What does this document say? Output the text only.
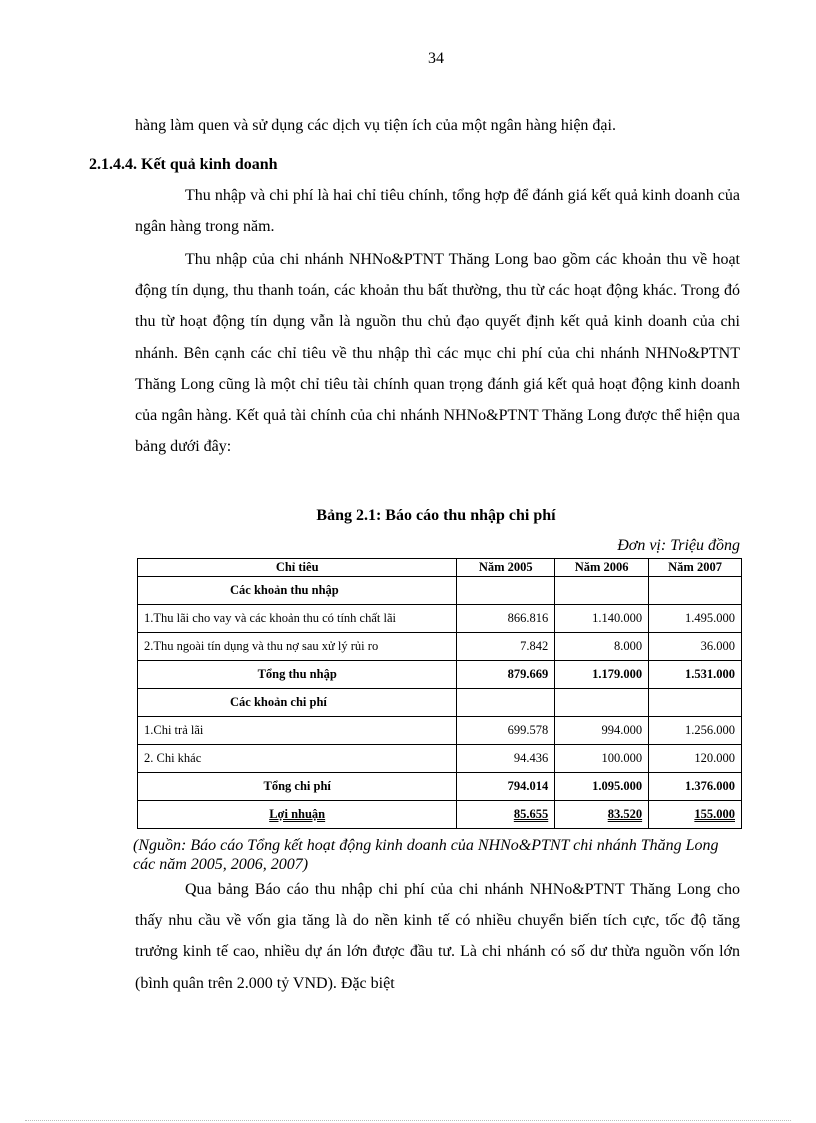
34

hàng làm quen và sử dụng các dịch vụ tiện ích của một ngân hàng hiện đại.

2.1.4.4. Kết quả kinh doanh

Thu nhập và chi phí là hai chỉ tiêu chính, tổng hợp để đánh giá kết quả kinh doanh của ngân hàng trong năm.

Thu nhập của chi nhánh NHNo&PTNT Thăng Long bao gồm các khoản thu về hoạt động tín dụng, thu thanh toán, các khoản thu bất thường, thu từ các hoạt động khác. Trong đó thu từ hoạt động tín dụng vẫn là nguồn thu chủ đạo quyết định kết quả kinh doanh của chi nhánh. Bên cạnh các chỉ tiêu về thu nhập thì các mục chi phí của chi nhánh NHNo&PTNT Thăng Long cũng là một chỉ tiêu tài chính quan trọng đánh giá kết quả hoạt động kinh doanh của ngân hàng. Kết quả tài chính của chi nhánh NHNo&PTNT Thăng Long được thể hiện qua bảng dưới đây:

Bảng 2.1: Báo cáo thu nhập chi phí
Đơn vị: Triệu đồng
Chỉ tiêu	Năm 2005	Năm 2006	Năm 2007
Các khoản thu nhập			
1.Thu lãi cho vay và các khoản thu có tính chất lãi	866.816	1.140.000	1.495.000
2.Thu ngoài tín dụng và thu nợ sau xử lý rủi ro	7.842	8.000	36.000
Tổng thu nhập	879.669	1.179.000	1.531.000
Các khoản chi phí			
1.Chi trả lãi	699.578	994.000	1.256.000
2. Chi khác	94.436	100.000	120.000
Tổng chi phí	794.014	1.095.000	1.376.000
Lợi nhuận	85.655	83.520	155.000

(Nguồn: Báo cáo Tổng kết hoạt động kinh doanh của NHNo&PTNT chi nhánh Thăng Long các năm 2005, 2006, 2007)

Qua bảng Báo cáo thu nhập chi phí của chi nhánh NHNo&PTNT Thăng Long cho thấy nhu cầu về vốn gia tăng là do nền kinh tế có nhiều chuyển biến tích cực, tốc độ tăng trưởng kinh tế cao, nhiều dự án lớn được đầu tư. Là chi nhánh có số dư thừa nguồn vốn lớn (bình quân trên 2.000 tỷ VND). Đặc biệt
